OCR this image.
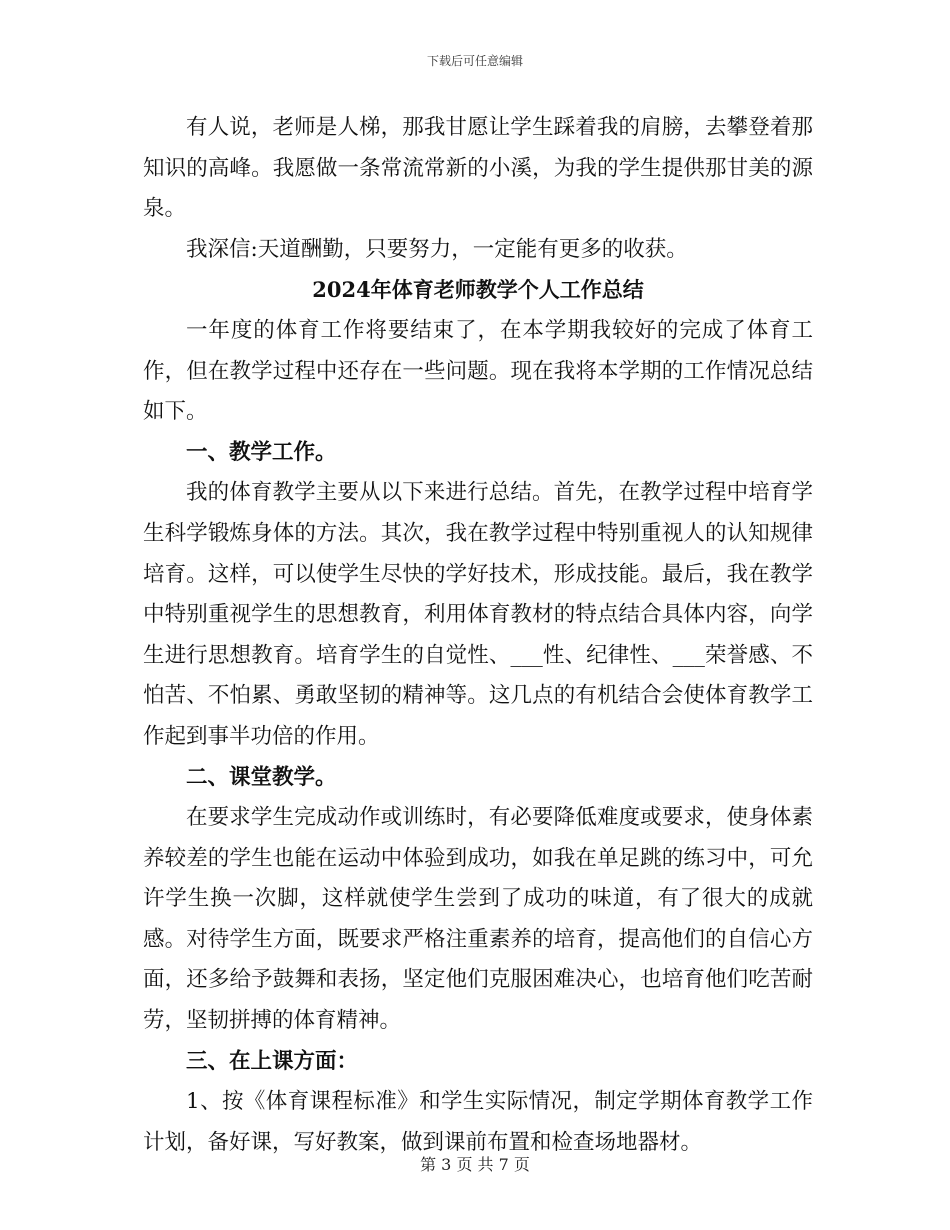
下载后可任意编辑

有人说，老师是人梯，那我甘愿让学生踩着我的肩膀，去攀登着那知识的高峰。我愿做一条常流常新的小溪，为我的学生提供那甘美的源泉。

我深信:天道酬勤，只要努力，一定能有更多的收获。

2024年体育老师教学个人工作总结

一年度的体育工作将要结束了，在本学期我较好的完成了体育工作，但在教学过程中还存在一些问题。现在我将本学期的工作情况总结如下。

一、教学工作。

我的体育教学主要从以下来进行总结。首先，在教学过程中培育学生科学锻炼身体的方法。其次，我在教学过程中特别重视人的认知规律培育。这样，可以使学生尽快的学好技术，形成技能。最后，我在教学中特别重视学生的思想教育，利用体育教材的特点结合具体内容，向学生进行思想教育。培育学生的自觉性、___性、纪律性、___荣誉感、不怕苦、不怕累、勇敢坚韧的精神等。这几点的有机结合会使体育教学工作起到事半功倍的作用。

二、课堂教学。

在要求学生完成动作或训练时，有必要降低难度或要求，使身体素养较差的学生也能在运动中体验到成功，如我在单足跳的练习中，可允许学生换一次脚，这样就使学生尝到了成功的味道，有了很大的成就感。对待学生方面，既要求严格注重素养的培育，提高他们的自信心方面，还多给予鼓舞和表扬，坚定他们克服困难决心，也培育他们吃苦耐劳，坚韧拼搏的体育精神。

三、在上课方面：

1、按《体育课程标准》和学生实际情况，制定学期体育教学工作计划，备好课，写好教案，做到课前布置和检查场地器材。

第 3 页 共 7 页
